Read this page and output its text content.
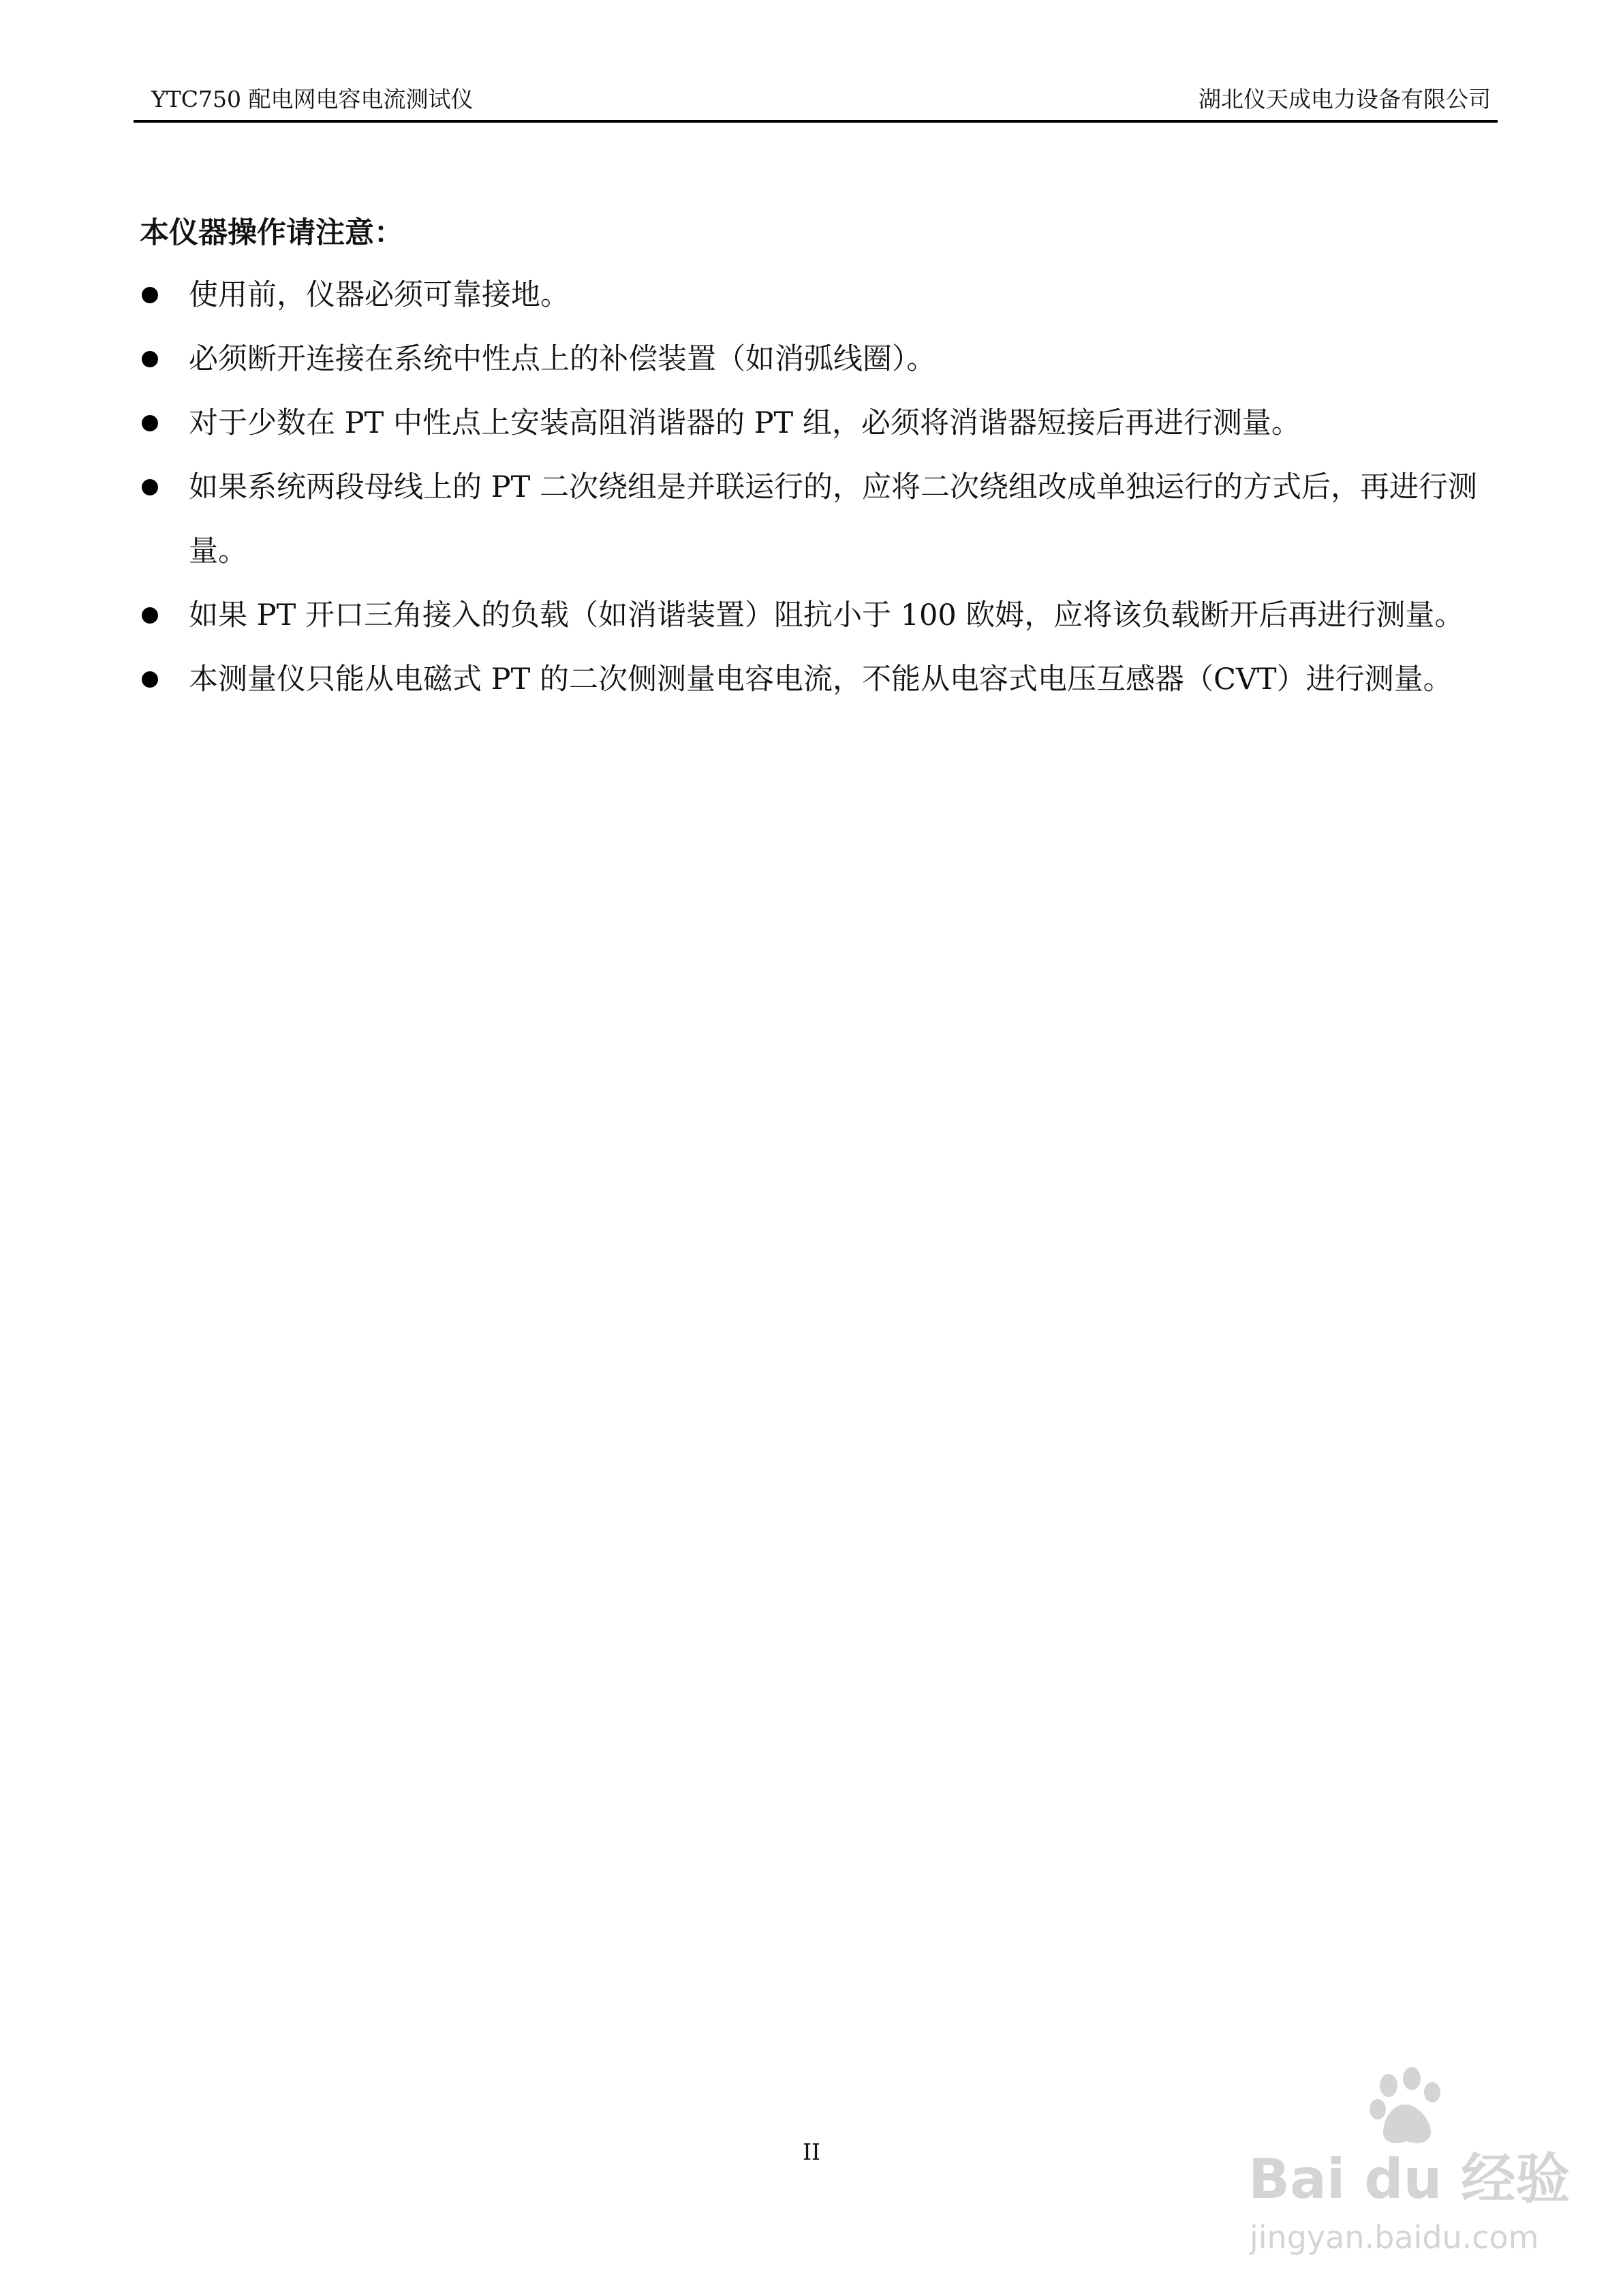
YTC750 配电网电容电流测试仪	湖北仪天成电力设备有限公司
本仪器操作请注意：
使用前，仪器必须可靠接地。
必须断开连接在系统中性点上的补偿装置（如消弧线圈）。
对于少数在 PT 中性点上安装高阻消谐器的 PT 组，必须将消谐器短接后再进行测量。
如果系统两段母线上的 PT 二次绕组是并联运行的，应将二次绕组改成单独运行的方式后，再进行测量。
如果 PT 开口三角接入的负载（如消谐装置）阻抗小于 100 欧姆，应将该负载断开后再进行测量。
本测量仪只能从电磁式 PT 的二次侧测量电容电流，不能从电容式电压互感器（CVT）进行测量。
II	Bai du 经验
jingyan.baidu.com
